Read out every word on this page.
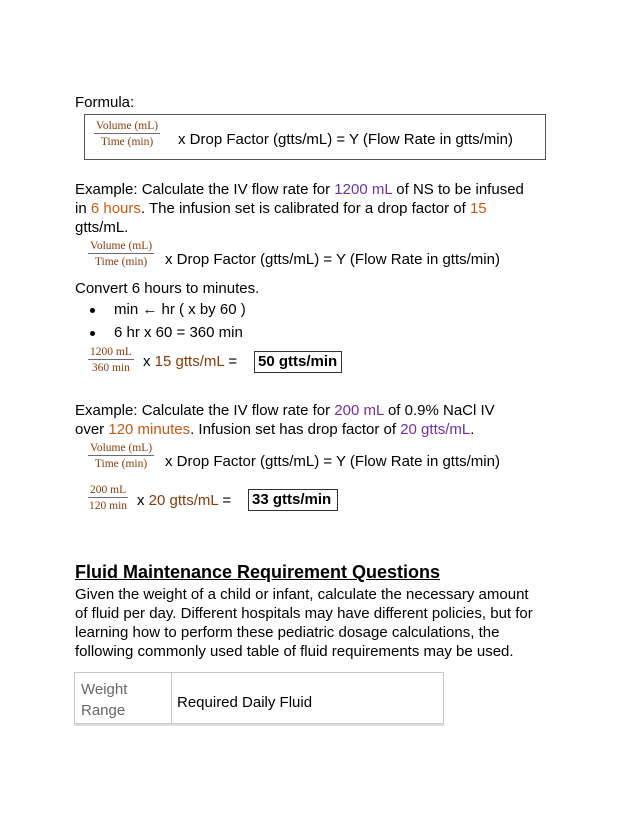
Formula:
Volume (mL)
Time (min)	x Drop Factor (gtts/mL) = Y (Flow Rate in gtts/min)
Example: Calculate the IV flow rate for 1200 mL of NS to be infused
in 6 hours. The infusion set is calibrated for a drop factor of 15
gtts/mL.
Volume (mL)
Time (min)	x Drop Factor (gtts/mL) = Y (Flow Rate in gtts/min)
Convert 6 hours to minutes.
min ← hr ( x by 60 )
6 hr x 60 = 360 min
1200 mL
360 min x 15 gtts/mL = 50 gtts/min
Example: Calculate the IV flow rate for 200 mL of 0.9% NaCl IV
over 120 minutes. Infusion set has drop factor of 20 gtts/mL.
Volume (mL)
Time (min)	x Drop Factor (gtts/mL) = Y (Flow Rate in gtts/min)
200 mL
120 min x 20 gtts/mL = 33 gtts/min
Fluid Maintenance Requirement Questions
Given the weight of a child or infant, calculate the necessary amount
of fluid per day. Different hospitals may have different policies, but for
learning how to perform these pediatric dosage calculations, the
following commonly used table of fluid requirements may be used.
Weight Range	Required Daily Fluid
